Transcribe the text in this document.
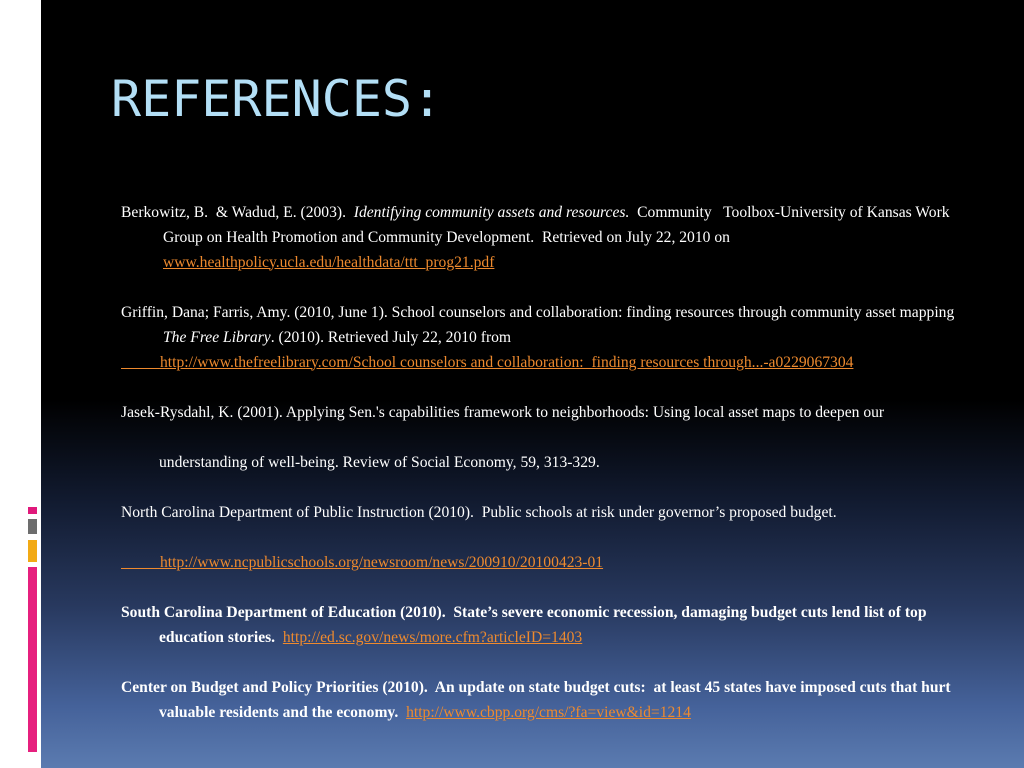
REFERENCES:
Berkowitz, B.  & Wadud, E. (2003).  Identifying community assets and resources.  Community   Toolbox-University of Kansas Work
Group on Health Promotion and Community Development.  Retrieved on July 22, 2010 on
www.healthpolicy.ucla.edu/healthdata/ttt_prog21.pdf
Griffin, Dana; Farris, Amy. (2010, June 1). School counselors and collaboration: finding resources through community asset mapping
The Free Library. (2010). Retrieved July 22, 2010 from
http://www.thefreelibrary.com/School counselors and collaboration:  finding resources through...-a0229067304
Jasek-Rysdahl, K. (2001). Applying Sen.'s capabilities framework to neighborhoods: Using local asset maps to deepen our
understanding of well-being. Review of Social Economy, 59, 313-329.
North Carolina Department of Public Instruction (2010).  Public schools at risk under governor’s proposed budget.
http://www.ncpublicschools.org/newsroom/news/200910/20100423-01
South Carolina Department of Education (2010).  State’s severe economic recession, damaging budget cuts lend list of top
education stories.  http://ed.sc.gov/news/more.cfm?articleID=1403
Center on Budget and Policy Priorities (2010).  An update on state budget cuts:  at least 45 states have imposed cuts that hurt
valuable residents and the economy.  http://www.cbpp.org/cms/?fa=view&id=1214
